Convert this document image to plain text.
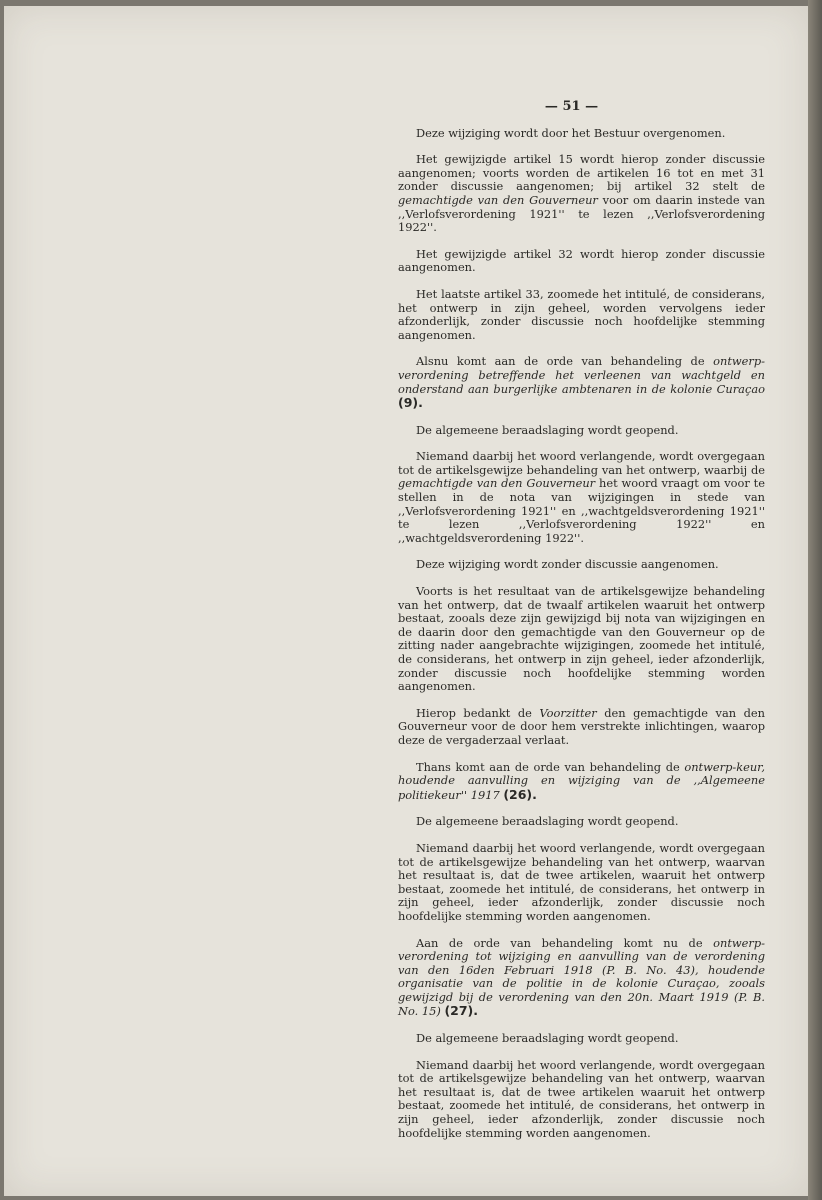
— 51 —

Deze wijziging wordt door het Bestuur overgenomen.

Het gewijzigde artikel 15 wordt hierop zonder discussie aangenomen; voorts worden de artikelen 16 tot en met 31 zonder discussie aangenomen; bij artikel 32 stelt de gemachtigde van den Gouverneur voor om daarin instede van ,,Verlofsverordening 1921'' te lezen ,,Verlofsverordening 1922''.

Het gewijzigde artikel 32 wordt hierop zonder discussie aangenomen.

Het laatste artikel 33, zoomede het intitulé, de considerans, het ontwerp in zijn geheel, worden vervolgens ieder afzonderlijk, zonder discussie noch hoofdelijke stemming aangenomen.

Alsnu komt aan de orde van behandeling de ontwerp-verordening betreffende het verleenen van wachtgeld en onderstand aan burgerlijke ambtenaren in de kolonie Curaçao (9).

De algemeene beraadslaging wordt geopend.

Niemand daarbij het woord verlangende, wordt overgegaan tot de artikelsgewijze behandeling van het ontwerp, waarbij de gemachtigde van den Gouverneur het woord vraagt om voor te stellen in de nota van wijzigingen in stede van ,,Verlofsverordening 1921'' en ,,wachtgeldsverordening 1921'' te lezen ,,Verlofsverordening 1922'' en ,,wachtgeldsverordening 1922''.

Deze wijziging wordt zonder discussie aangenomen.

Voorts is het resultaat van de artikelsgewijze behandeling van het ontwerp, dat de twaalf artikelen waaruit het ontwerp bestaat, zooals deze zijn gewijzigd bij nota van wijzigingen en de daarin door den gemachtigde van den Gouverneur op de zitting nader aangebrachte wijzigingen, zoomede het intitulé, de considerans, het ontwerp in zijn geheel, ieder afzonderlijk, zonder discussie noch hoofdelijke stemming worden aangenomen.

Hierop bedankt de Voorzitter den gemachtigde van den Gouverneur voor de door hem verstrekte inlichtingen, waarop deze de vergaderzaal verlaat.

Thans komt aan de orde van behandeling de ontwerp-keur, houdende aanvulling en wijziging van de ,,Algemeene politiekeur'' 1917 (26).

De algemeene beraadslaging wordt geopend.

Niemand daarbij het woord verlangende, wordt overgegaan tot de artikelsgewijze behandeling van het ontwerp, waarvan het resultaat is, dat de twee artikelen, waaruit het ontwerp bestaat, zoomede het intitulé, de considerans, het ontwerp in zijn geheel, ieder afzonderlijk, zonder discussie noch hoofdelijke stemming worden aangenomen.

Aan de orde van behandeling komt nu de ontwerp-verordening tot wijziging en aanvulling van de verordening van den 16den Februari 1918 (P. B. No. 43), houdende organisatie van de politie in de kolonie Curaçao, zooals gewijzigd bij de verordening van den 20n. Maart 1919 (P. B. No. 15) (27).

De algemeene beraadslaging wordt geopend.

Niemand daarbij het woord verlangende, wordt overgegaan tot de artikelsgewijze behandeling van het ontwerp, waarvan het resultaat is, dat de twee artikelen waaruit het ontwerp bestaat, zoomede het intitulé, de considerans, het ontwerp in zijn geheel, ieder afzonderlijk, zonder discussie noch hoofdelijke stemming worden aangenomen.
